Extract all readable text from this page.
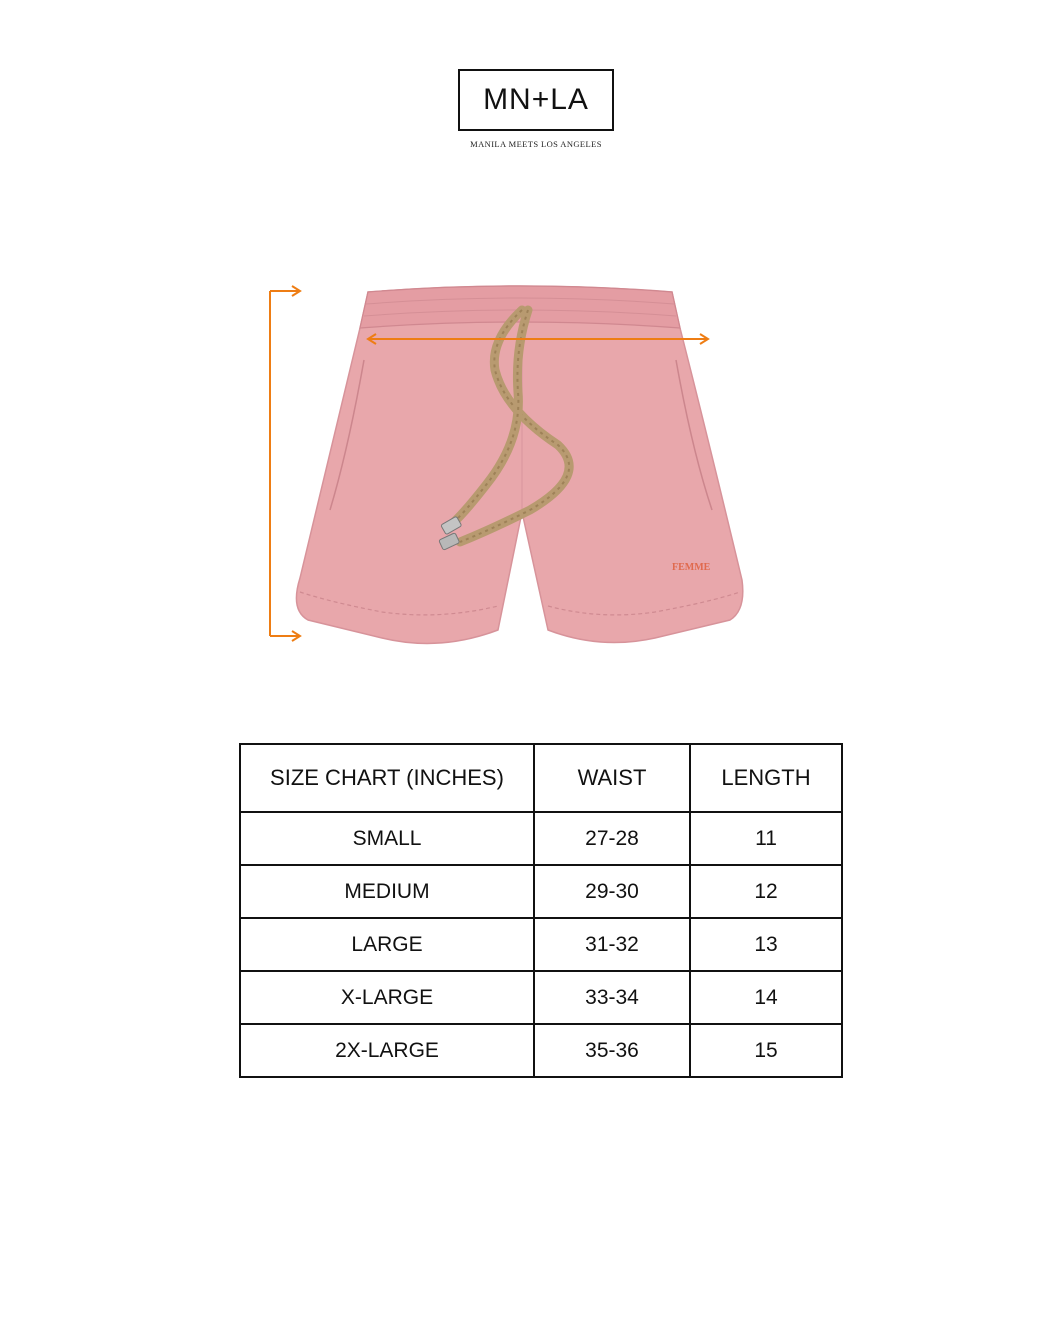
MN+LA
MANILA MEETS LOS ANGELES
FEMME
SIZE CHART (INCHES)	WAIST	LENGTH
SMALL	27-28	11
MEDIUM	29-30	12
LARGE	31-32	13
X-LARGE	33-34	14
2X-LARGE	35-36	15
